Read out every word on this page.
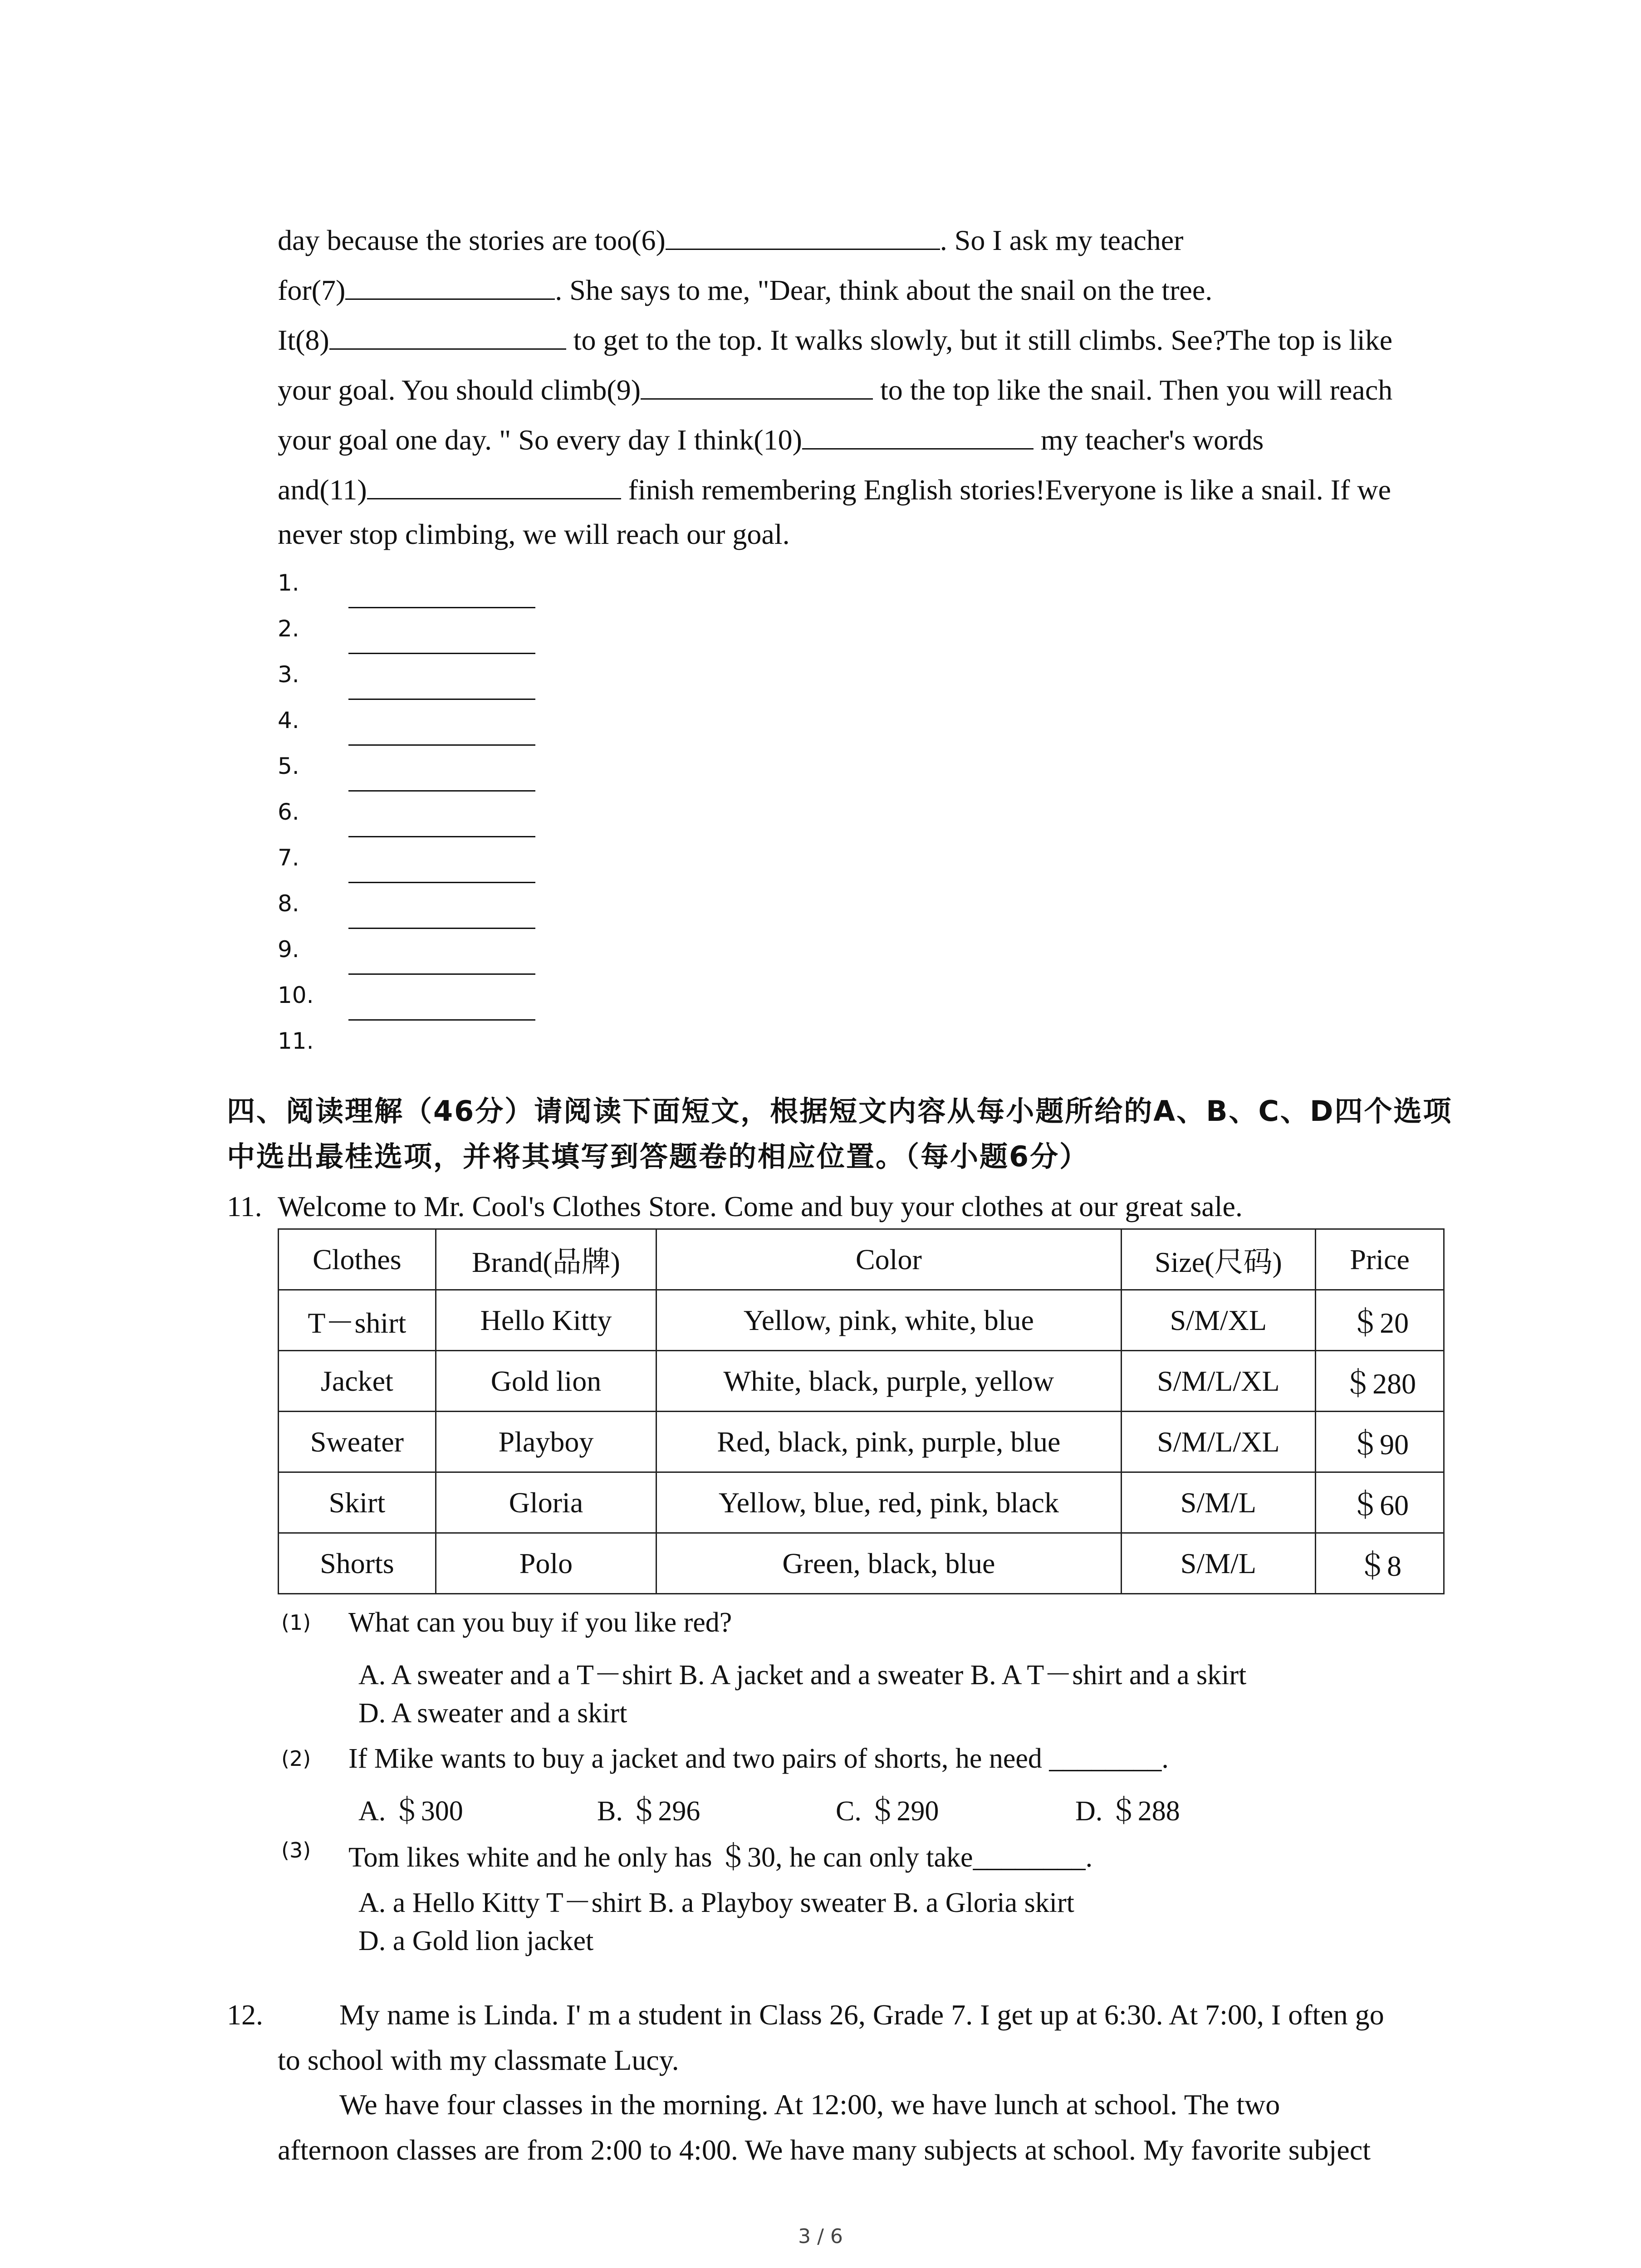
day because the stories are too(6)	. So I ask my teacher
for(7)	. She says to me, "Dear, think about the snail on the tree.
It(8)	to get to the top. It walks slowly, but it still climbs. See?The top is like
your goal. You should climb(9)	to the top like the snail. Then you will reach
your goal one day. " So every day I think(10)	my teacher's words
and(11)	finish remembering English stories!Everyone is like a snail. If we
never stop climbing, we will reach our goal.
1.
2.
3.
4.
5.
6.
7.
8.
9.
10.
11.
四、阅读理解（46分）请阅读下面短文，根据短文内容从每小题所给的A、B、C、D四个选项
中选出最桂选项，并将其填写到答题卷的相应位置。（每小题6分）
11. Welcome to Mr. Cool's Clothes Store. Come and buy your clothes at our great sale.
Clothes	Brand(品牌)	Color	Size(尺码)	Price
T－shirt	Hello Kitty	Yellow, pink, white, blue	S/M/XL	＄20
Jacket	Gold lion	White, black, purple, yellow	S/M/L/XL	＄280
Sweater	Playboy	Red, black, pink, purple, blue	S/M/L/XL	＄90
Skirt	Gloria	Yellow, blue, red, pink, black	S/M/L	＄60
Shorts	Polo	Green, black, blue	S/M/L	＄8
(1) What can you buy if you like red?
A. A sweater and a T－shirt B. A jacket and a sweater B. A T－shirt and a skirt
D. A sweater and a skirt
(2) If Mike wants to buy a jacket and two pairs of shorts, he need ________.
A. ＄300	B. ＄296	C. ＄290	D. ＄288
(3) Tom likes white and he only has ＄30, he can only take________.
A. a Hello Kitty T－shirt B. a Playboy sweater B. a Gloria skirt
D. a Gold lion jacket
12.	My name is Linda. I' m a student in Class 26, Grade 7. I get up at 6:30. At 7:00, I often go
to school with my classmate Lucy.
We have four classes in the morning. At 12:00, we have lunch at school. The two
afternoon classes are from 2:00 to 4:00. We have many subjects at school. My favorite subject
3 / 6
